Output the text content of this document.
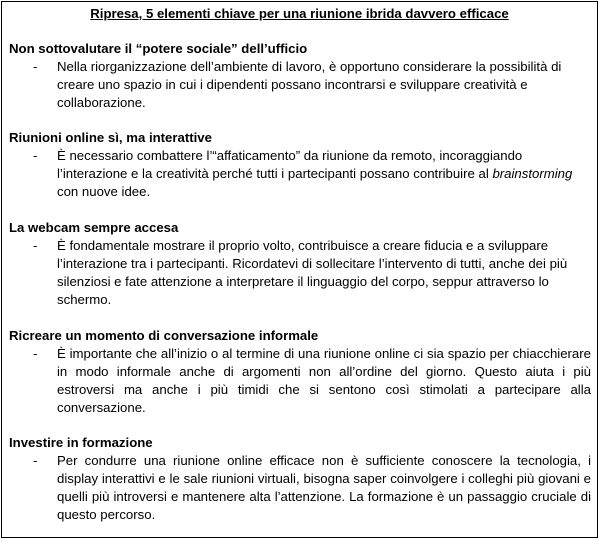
Ripresa, 5 elementi chiave per una riunione ibrida davvero efficace

Non sottovalutare il “potere sociale” dell’ufficio

- Nella riorganizzazione dell’ambiente di lavoro, è opportuno considerare la possibilità di creare uno spazio in cui i dipendenti possano incontrarsi e sviluppare creatività e collaborazione.

Riunioni online sì, ma interattive

- È necessario combattere l’“affaticamento” da riunione da remoto, incoraggiando l’interazione e la creatività perché tutti i partecipanti possano contribuire al brainstorming con nuove idee.

La webcam sempre accesa

- È fondamentale mostrare il proprio volto, contribuisce a creare fiducia e a sviluppare l’interazione tra i partecipanti. Ricordatevi di sollecitare l’intervento di tutti, anche dei più silenziosi e fate attenzione a interpretare il linguaggio del corpo, seppur attraverso lo schermo.

Ricreare un momento di conversazione informale

- È importante che all’inizio o al termine di una riunione online ci sia spazio per chiacchierare in modo informale anche di argomenti non all’ordine del giorno. Questo aiuta i più estroversi ma anche i più timidi che si sentono così stimolati a partecipare alla conversazione.

Investire in formazione

- Per condurre una riunione online efficace non è sufficiente conoscere la tecnologia, i display interattivi e le sale riunioni virtuali, bisogna saper coinvolgere i colleghi più giovani e quelli più introversi e mantenere alta l’attenzione. La formazione è un passaggio cruciale di questo percorso.
